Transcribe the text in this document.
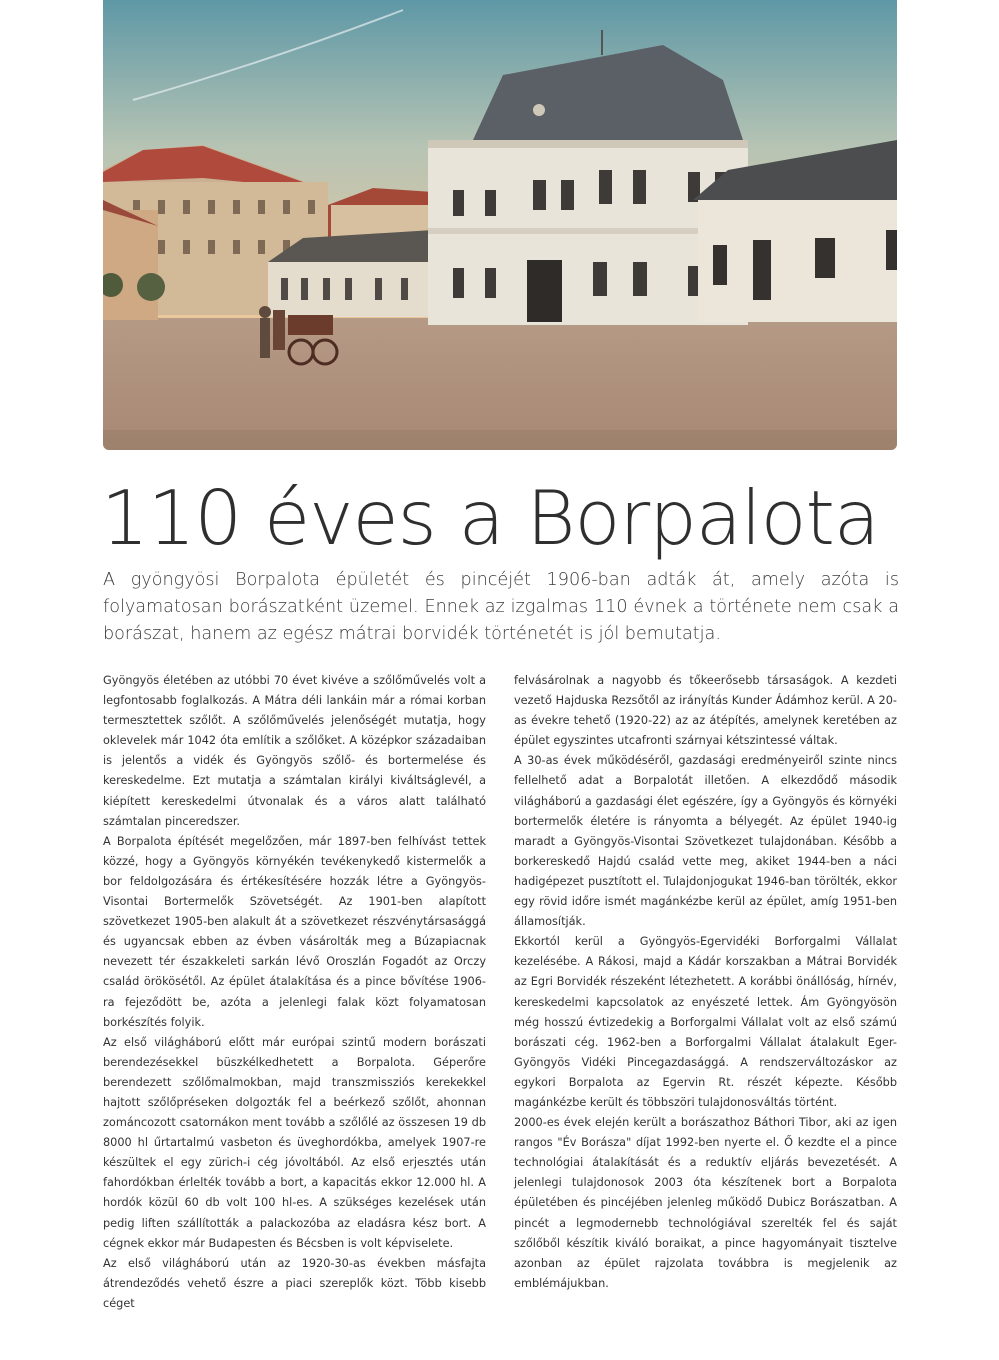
110 éves a Borpalota
A gyöngyösi Borpalota épületét és pincéjét 1906-ban adták át, amely azóta is folyamatosan borászatként üzemel. Ennek az izgalmas 110 évnek a története nem csak a borászat, hanem az egész mátrai borvidék történetét is jól bemutatja.

Gyöngyös életében az utóbbi 70 évet kivéve a szőlőművelés volt a legfontosabb foglalkozás. A Mátra déli lankáin már a római korban termesztettek szőlőt. A szőlőművelés jelenőségét mutatja, hogy oklevelek már 1042 óta említik a szőlőket. A középkor századaiban is jelentős a vidék és Gyöngyös szőlő- és bortermelése és kereskedelme. Ezt mutatja a számtalan királyi kiváltságlevél, a kiépített kereskedelmi útvonalak és a város alatt található számtalan pinceredszer.

A Borpalota építését megelőzően, már 1897-ben felhívást tettek közzé, hogy a Gyöngyös környékén tevékenykedő kistermelők a bor feldolgozására és értékesítésére hozzák létre a Gyöngyös-Visontai Bortermelők Szövetségét. Az 1901-ben alapított szövetkezet 1905-ben alakult át a szövetkezet részvénytársasággá és ugyancsak ebben az évben vásárolták meg a Búzapiacnak nevezett tér északkeleti sarkán lévő Oroszlán Fogadót az Orczy család örökösétől. Az épület átalakítása és a pince bővítése 1906-ra fejeződött be, azóta a jelenlegi falak közt folyamatosan borkészítés folyik.

Az első világháború előtt már európai szintű modern borászati berendezésekkel büszkélkedhetett a Borpalota. Géperőre berendezett szőlőmalmokban, majd transzmissziós kerekekkel hajtott szőlőpréseken dolgozták fel a beérkező szőlőt, ahonnan zománcozott csatornákon ment tovább a szőlőlé az összesen 19 db 8000 hl űrtartalmú vasbeton és üveghordókba, amelyek 1907-re készültek el egy zürich-i cég jóvoltából. Az első erjesztés után fahordókban érlelték tovább a bort, a kapacitás ekkor 12.000 hl. A hordók közül 60 db volt 100 hl-es. A szükséges kezelések után pedig liften szállították a palackozóba az eladásra kész bort. A cégnek ekkor már Budapesten és Bécsben is volt képviselete.

Az első világháború után az 1920-30-as években másfajta átrendeződés vehető észre a piaci szereplők közt. Több kisebb céget

felvásárolnak a nagyobb és tőkeerősebb társaságok. A kezdeti vezető Hajduska Rezsőtől az irányítás Kunder Ádámhoz kerül. A 20-as évekre tehető (1920-22) az az átépítés, amelynek keretében az épület egyszintes utcafronti szárnyai kétszintessé váltak.

A 30-as évek működéséről, gazdasági eredményeiről szinte nincs fellelhető adat a Borpalotát illetően. A elkezdődő második világháború a gazdasági élet egészére, így a Gyöngyös és környéki bortermelők életére is rányomta a bélyegét. Az épület 1940-ig maradt a Gyöngyös-Visontai Szövetkezet tulajdonában. Később a borkereskedő Hajdú család vette meg, akiket 1944-ben a náci hadigépezet pusztított el. Tulajdonjogukat 1946-ban törölték, ekkor egy rövid időre ismét magánkézbe kerül az épület, amíg 1951-ben államosítják.

Ekkortól kerül a Gyöngyös-Egervidéki Borforgalmi Vállalat kezelésébe. A Rákosi, majd a Kádár korszakban a Mátrai Borvidék az Egri Borvidék részeként létezhetett. A korábbi önállóság, hírnév, kereskedelmi kapcsolatok az enyészeté lettek. Ám Gyöngyösön még hosszú évtizedekig a Borforgalmi Vállalat volt az első számú borászati cég. 1962-ben a Borforgalmi Vállalat átalakult Eger-Gyöngyös Vidéki Pincegazdasággá. A rendszerváltozáskor az egykori Borpalota az Egervin Rt. részét képezte. Később magánkézbe került és többszöri tulajdonosváltás történt.

2000-es évek elején került a borászathoz Báthori Tibor, aki az igen rangos "Év Borásza" díjat 1992-ben nyerte el. Ő kezdte el a pince technológiai átalakítását és a reduktív eljárás bevezetését. A jelenlegi tulajdonosok 2003 óta készítenek bort a Borpalota épületében és pincéjében jelenleg működő Dubicz Borászatban. A pincét a legmodernebb technológiával szerelték fel és saját szőlőből készítik kiváló boraikat, a pince hagyományait tisztelve azonban az épület rajzolata továbbra is megjelenik az emblémájukban.
